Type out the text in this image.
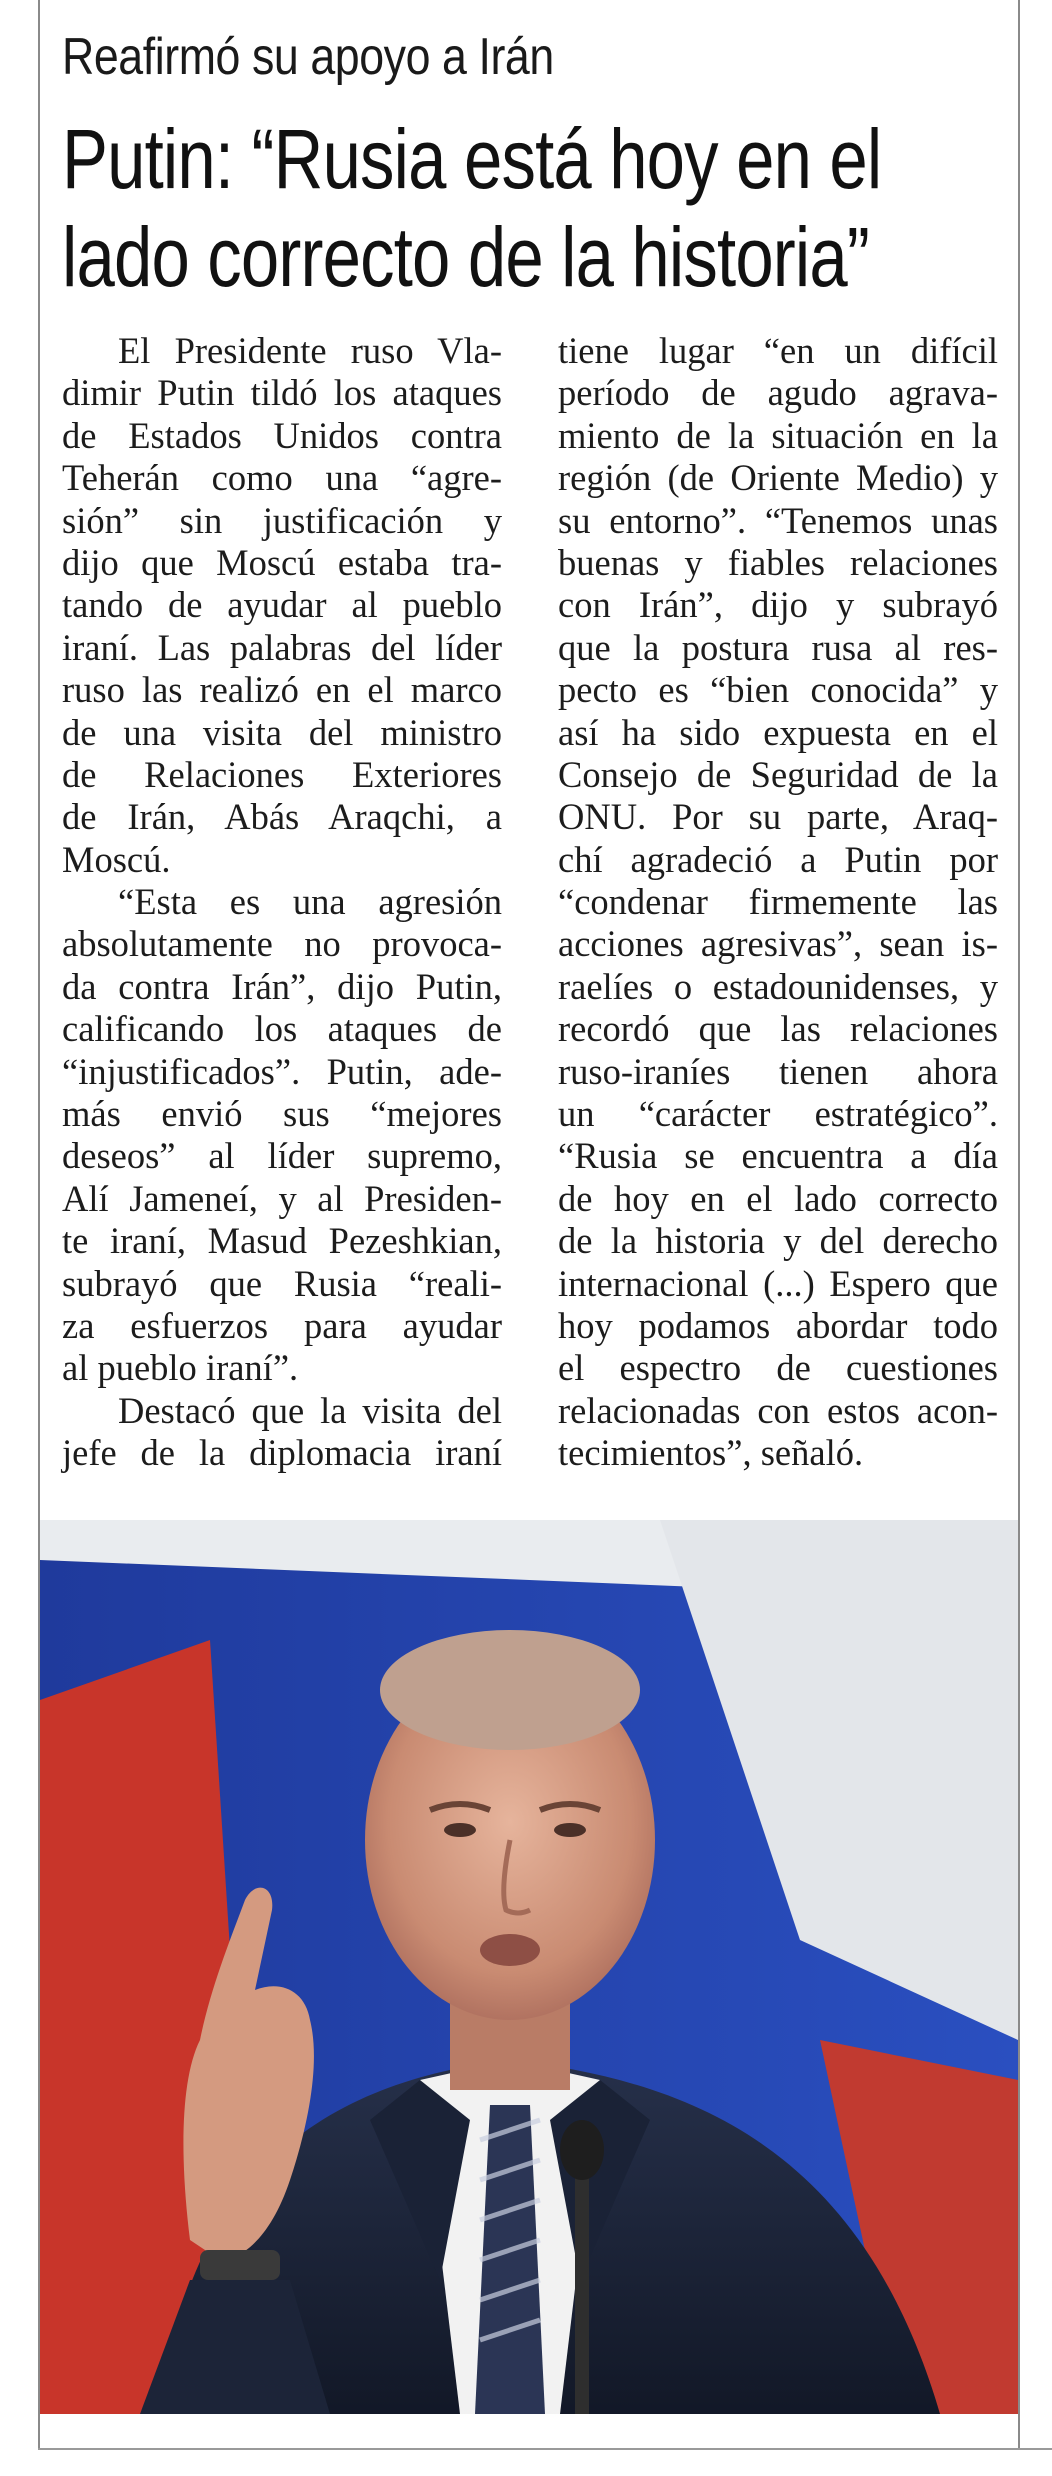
Reafirmó su apoyo a Irán
Putin: “Rusia está hoy en el
lado correcto de la historia”
El Presidente ruso Vla-
dimir Putin tildó los ataques
de Estados Unidos contra
Teherán como una “agre-
sión” sin justificación y
dijo que Moscú estaba tra-
tando de ayudar al pueblo
iraní. Las palabras del líder
ruso las realizó en el marco
de una visita del ministro
de Relaciones Exteriores
de Irán, Abás Araqchi, a
Moscú.
“Esta es una agresión
absolutamente no provoca-
da contra Irán”, dijo Putin,
calificando los ataques de
“injustificados”. Putin, ade-
más envió sus “mejores
deseos” al líder supremo,
Alí Jameneí, y al Presiden-
te iraní, Masud Pezeshkian,
subrayó que Rusia “reali-
za esfuerzos para ayudar
al pueblo iraní”.
Destacó que la visita del
jefe de la diplomacia iraní
tiene lugar “en un difícil
período de agudo agrava-
miento de la situación en la
región (de Oriente Medio) y
su entorno”. “Tenemos unas
buenas y fiables relaciones
con Irán”, dijo y subrayó
que la postura rusa al res-
pecto es “bien conocida” y
así ha sido expuesta en el
Consejo de Seguridad de la
ONU. Por su parte, Araq-
chí agradeció a Putin por
“condenar firmemente las
acciones agresivas”, sean is-
raelíes o estadounidenses, y
recordó que las relaciones
ruso-iraníes tienen ahora
un “carácter estratégico”.
“Rusia se encuentra a día
de hoy en el lado correcto
de la historia y del derecho
internacional (...) Espero que
hoy podamos abordar todo
el espectro de cuestiones
relacionadas con estos acon-
tecimientos”, señaló.
